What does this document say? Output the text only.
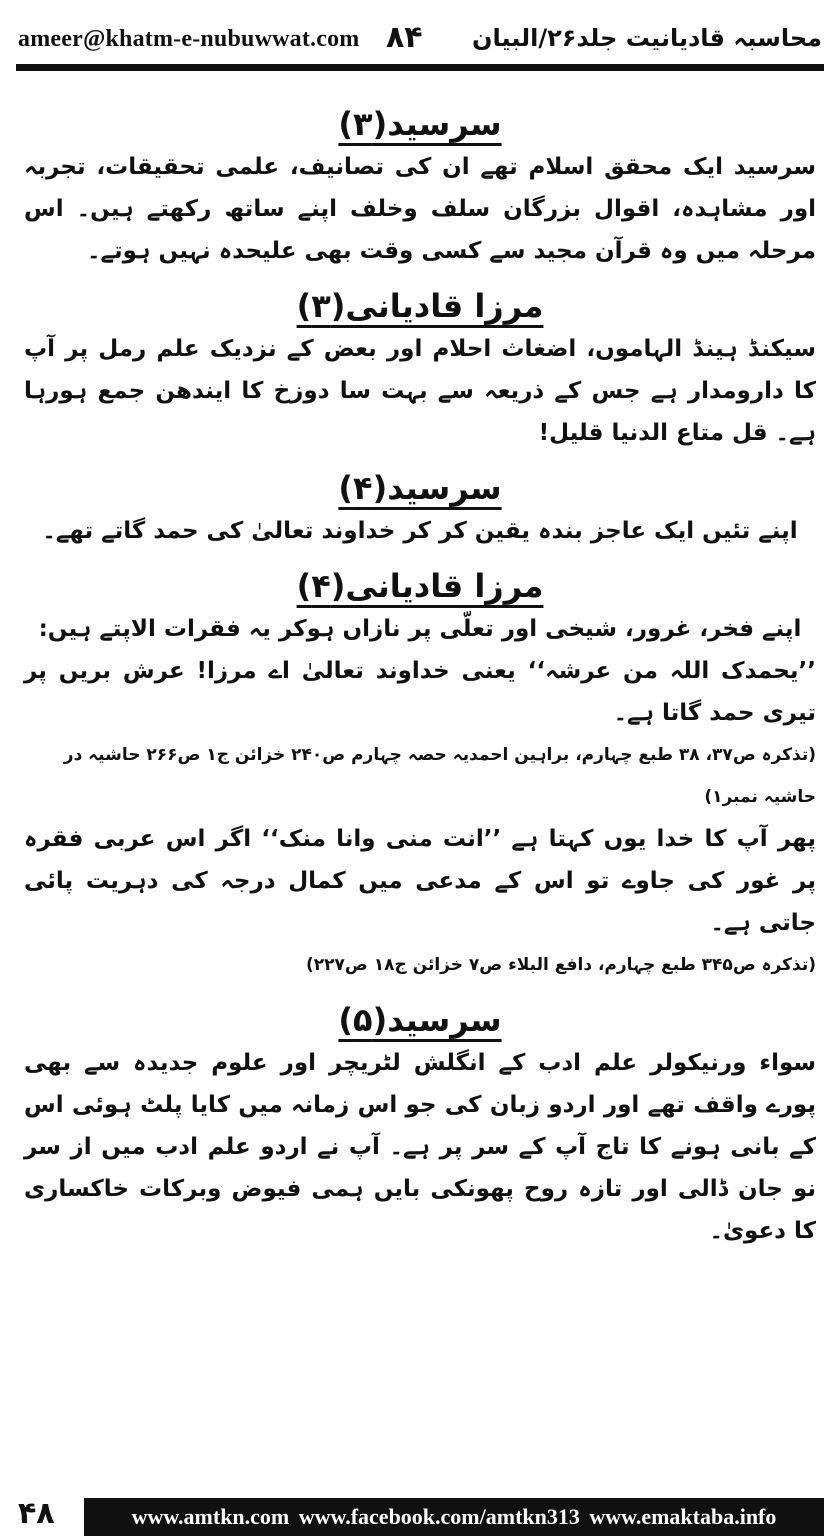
ameer@khatm-e-nubuwwat.com ۸۴ محاسبہ قادیانیت جلد۲۶/البیان
سرسید(۳)
سرسید ایک محقق اسلام تھے ان کی تصانیف، علمی تحقیقات، تجربہ اور مشاہدہ، اقوال بزرگان سلف وخلف اپنے ساتھ رکھتے ہیں۔ اس مرحلہ میں وہ قرآن مجید سے کسی وقت بھی علیحدہ نہیں ہوتے۔
مرزا قادیانی(۳)
سیکنڈ ہینڈ الہاموں، اضغاث احلام اور بعض کے نزدیک علم رمل پر آپ کا دارومدار ہے جس کے ذریعہ سے بہت سا دوزخ کا ایندھن جمع ہورہا ہے۔ قل متاع الدنیا قلیل!
سرسید(۴)
اپنے تئیں ایک عاجز بندہ یقین کر کر خداوند تعالیٰ کی حمد گاتے تھے۔
مرزا قادیانی(۴)
اپنے فخر، غرور، شیخی اور تعلّی پر نازاں ہوکر یہ فقرات الاپتے ہیں:
’’یحمدک اللہ من عرشہ‘‘ یعنی خداوند تعالیٰ اے مرزا! عرش بریں پر تیری حمد گاتا ہے۔
(تذکرہ ص۳۷، ۳۸ طبع چہارم، براہین احمدیہ حصہ چہارم ص۲۴۰ خزائن ج۱ ص۲۶۶ حاشیہ در حاشیہ نمبر۱)
پھر آپ کا خدا یوں کہتا ہے ’’انت منی وانا منک‘‘ اگر اس عربی فقرہ پر غور کی جاوے تو اس کے مدعی میں کمال درجہ کی دہریت پائی جاتی ہے۔
(تذکرہ ص۳۴۵ طبع چہارم، دافع البلاء ص۷ خزائن ج۱۸ ص۲۲۷)
سرسید(۵)
سواء ورنیکولر علم ادب کے انگلش لٹریچر اور علوم جدیدہ سے بھی پورے واقف تھے اور اردو زبان کی جو اس زمانہ میں کایا پلٹ ہوئی اس کے بانی ہونے کا تاج آپ کے سر پر ہے۔ آپ نے اردو علم ادب میں از سر نو جان ڈالی اور تازہ روح پھونکی بایں ہمی فیوض وبرکات خاکساری کا دعویٰ۔
۴۸	www.amtkn.com www.facebook.com/amtkn313 www.emaktaba.info
